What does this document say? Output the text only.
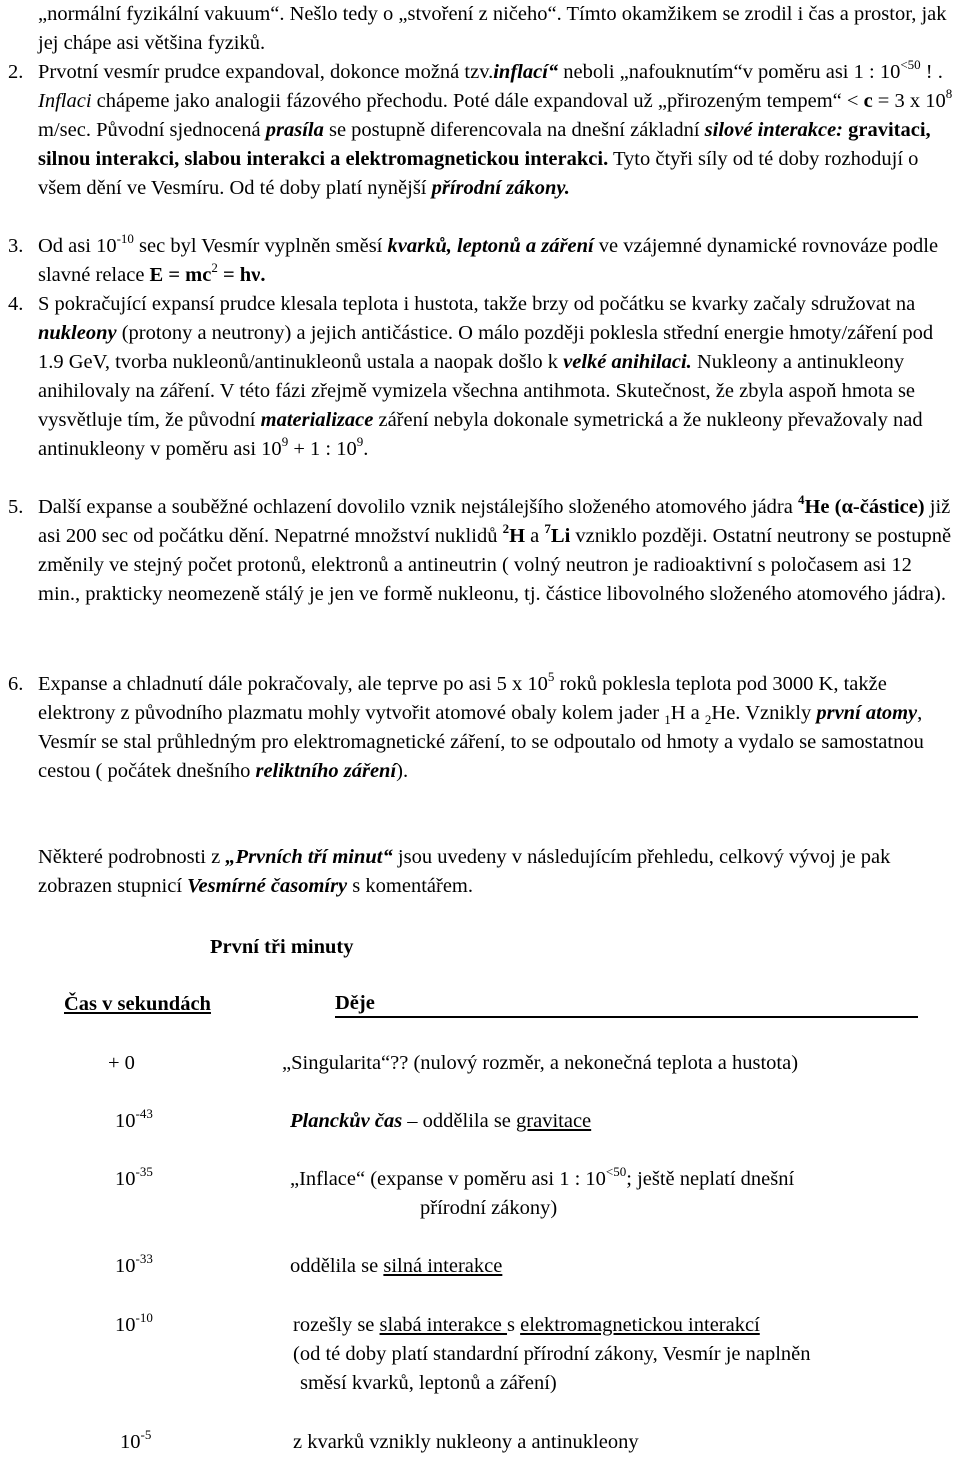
„normální fyzikální vakuum“. Nešlo tedy o „stvoření z ničeho“. Tímto okamžikem se zrodil i čas a prostor, jak jej chápe asi většina fyziků.

2. Prvotní vesmír prudce expandoval, dokonce možná tzv.inflací“ neboli „nafouknutím“v poměru asi 1 : $10^{<50}$ ! . Inflaci chápeme jako analogii fázového přechodu. Poté dále expandoval už „přirozeným tempem“ < c = 3 x $10^8$ m/sec. Původní sjednocená prasíla se postupně diferencovala na dnešní základní silové interakce: gravitaci, silnou interakci, slabou interakci a elektromagnetickou interakci. Tyto čtyři síly od té doby rozhodují o všem dění ve Vesmíru. Od té doby platí nynější přírodní zákony.
3. Od asi $10^{-10}$ sec byl Vesmír vyplněn směsí kvarků, leptonů a záření ve vzájemné dynamické rovnováze podle slavné relace $E = mc^2 = h\nu$.
4. S pokračující expansí prudce klesala teplota i hustota, takže brzy od počátku se kvarky začaly sdružovat na nukleony (protony a neutrony) a jejich antičástice. O málo později poklesla střední energie hmoty/záření pod 1.9 GeV, tvorba nukleonů/antinukleonů ustala a naopak došlo k velké anihilaci. Nukleony a antinukleony anihilovaly na záření. V této fázi zřejmě vymizela všechna antihmota. Skutečnost, že zbyla aspoň hmota se vysvětluje tím, že původní materializace záření nebyla dokonale symetrická a že nukleony převažovaly nad antinukleony v poměru asi $10^9 + 1$ : $10^9$.
5. Další expanse a souběžné ochlazení dovolilo vznik nejstálejšího složeného atomového jádra $^4$He (α-částice) již asi 200 sec od počátku dění. Nepatrné množství nuklidů $^2$H a $^7$Li vzniklo později. Ostatní neutrony se postupně změnily ve stejný počet protonů, elektronů a antineutrin ( volný neutron je radioaktivní s poločasem asi 12 min., prakticky neomezeně stálý je jen ve formě nukleonu, tj. částice libovolného složeného atomového jádra).
6. Expanse a chladnutí dále pokračovaly, ale teprve po asi 5 x $10^5$ roků poklesla teplota pod 3000 K, takže elektrony z původního plazmatu mohly vytvořit atomové obaly kolem jader $_1$H a $_2$He. Vznikly první atomy, Vesmír se stal průhledným pro elektromagnetické záření, to se odpoutalo od hmoty a vydalo se samostatnou cestou ( počátek dnešního reliktního záření).

Některé podrobnosti z „Prvních tří minut“ jsou uvedeny v následujícím přehledu, celkový vývoj je pak zobrazen stupnicí Vesmírné časomíry s komentářem.

První tři minuty

Čas v sekundách	Děje

+ 0	„Singularita“?? (nulový rozměr, a nekonečná teplota a hustota)
$10^{-43}$	Planckův čas – oddělila se gravitace
$10^{-35}$	„Inflace“ (expanse v poměru asi 1 : $10^{<50}$; ještě neplatí dnešní
přírodní zákony)
$10^{-33}$	oddělila se silná interakce
$10^{-10}$	rozešly se slabá interakce s elektromagnetickou interakcí
(od té doby platí standardní přírodní zákony, Vesmír je naplněn
směsí kvarků, leptonů a záření)
$10^{-5}$	z kvarků vznikly nukleony a antinukleony
